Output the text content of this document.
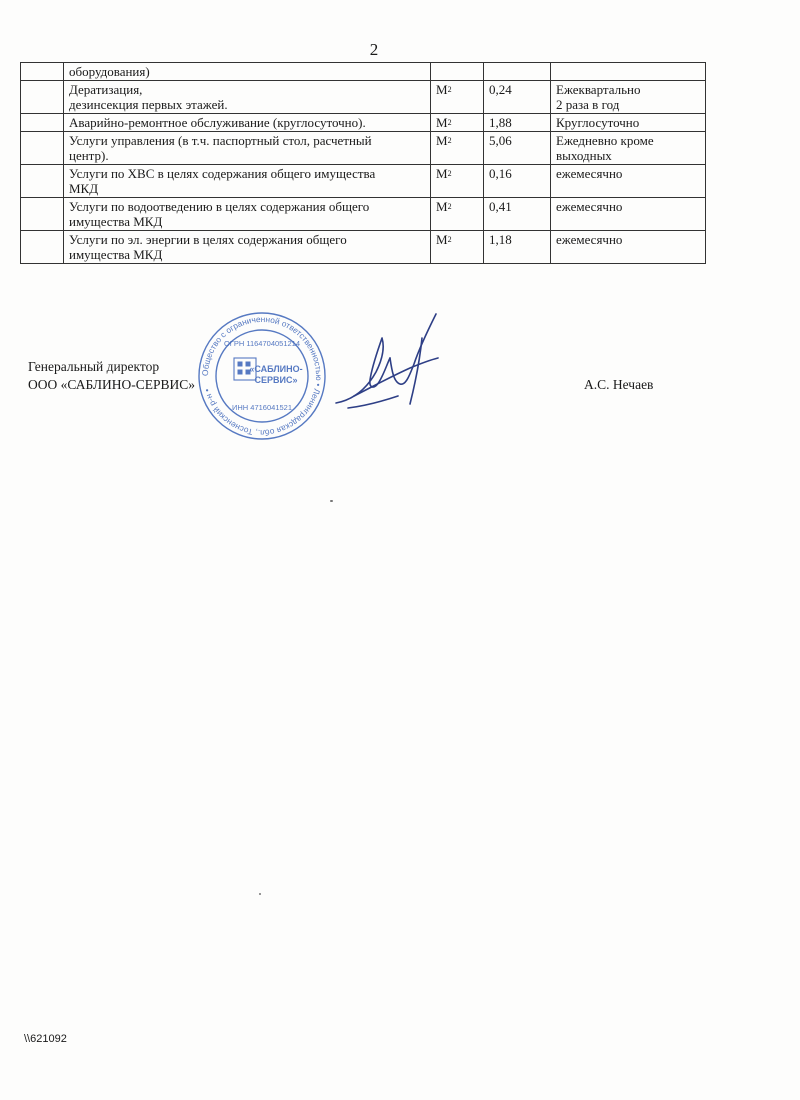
2

	оборудования)			

	Дератизация,
дезинсекция первых этажей.	$М^2$	0,24	Ежеквартально
2 раза в год

	Аварийно-ремонтное обслуживание (круглосуточно).	$М^2$	1,88	Круглосуточно

	Услуги управления (в т.ч. паспортный стол, расчетный
центр).	$М^2$	5,06	Ежедневно кроме
выходных

	Услуги по ХВС в целях содержания общего имущества
МКД	$М^2$	0,16	ежемесячно

	Услуги по водоотведению в целях содержания общего
имущества МКД	$М^2$	0,41	ежемесячно

	Услуги по эл. энергии в целях содержания общего
имущества МКД	$М^2$	1,18	ежемесячно
Генеральный директор
ООО «САБЛИНО-СЕРВИС»	А.С. Нечаев
Общество с ограниченной ответственностью • Ленинградская обл., Тосненский р-н •
ОГРН 1164704051214
«САБЛИНО-
СЕРВИС»
ИНН 4716041521
\\621092
